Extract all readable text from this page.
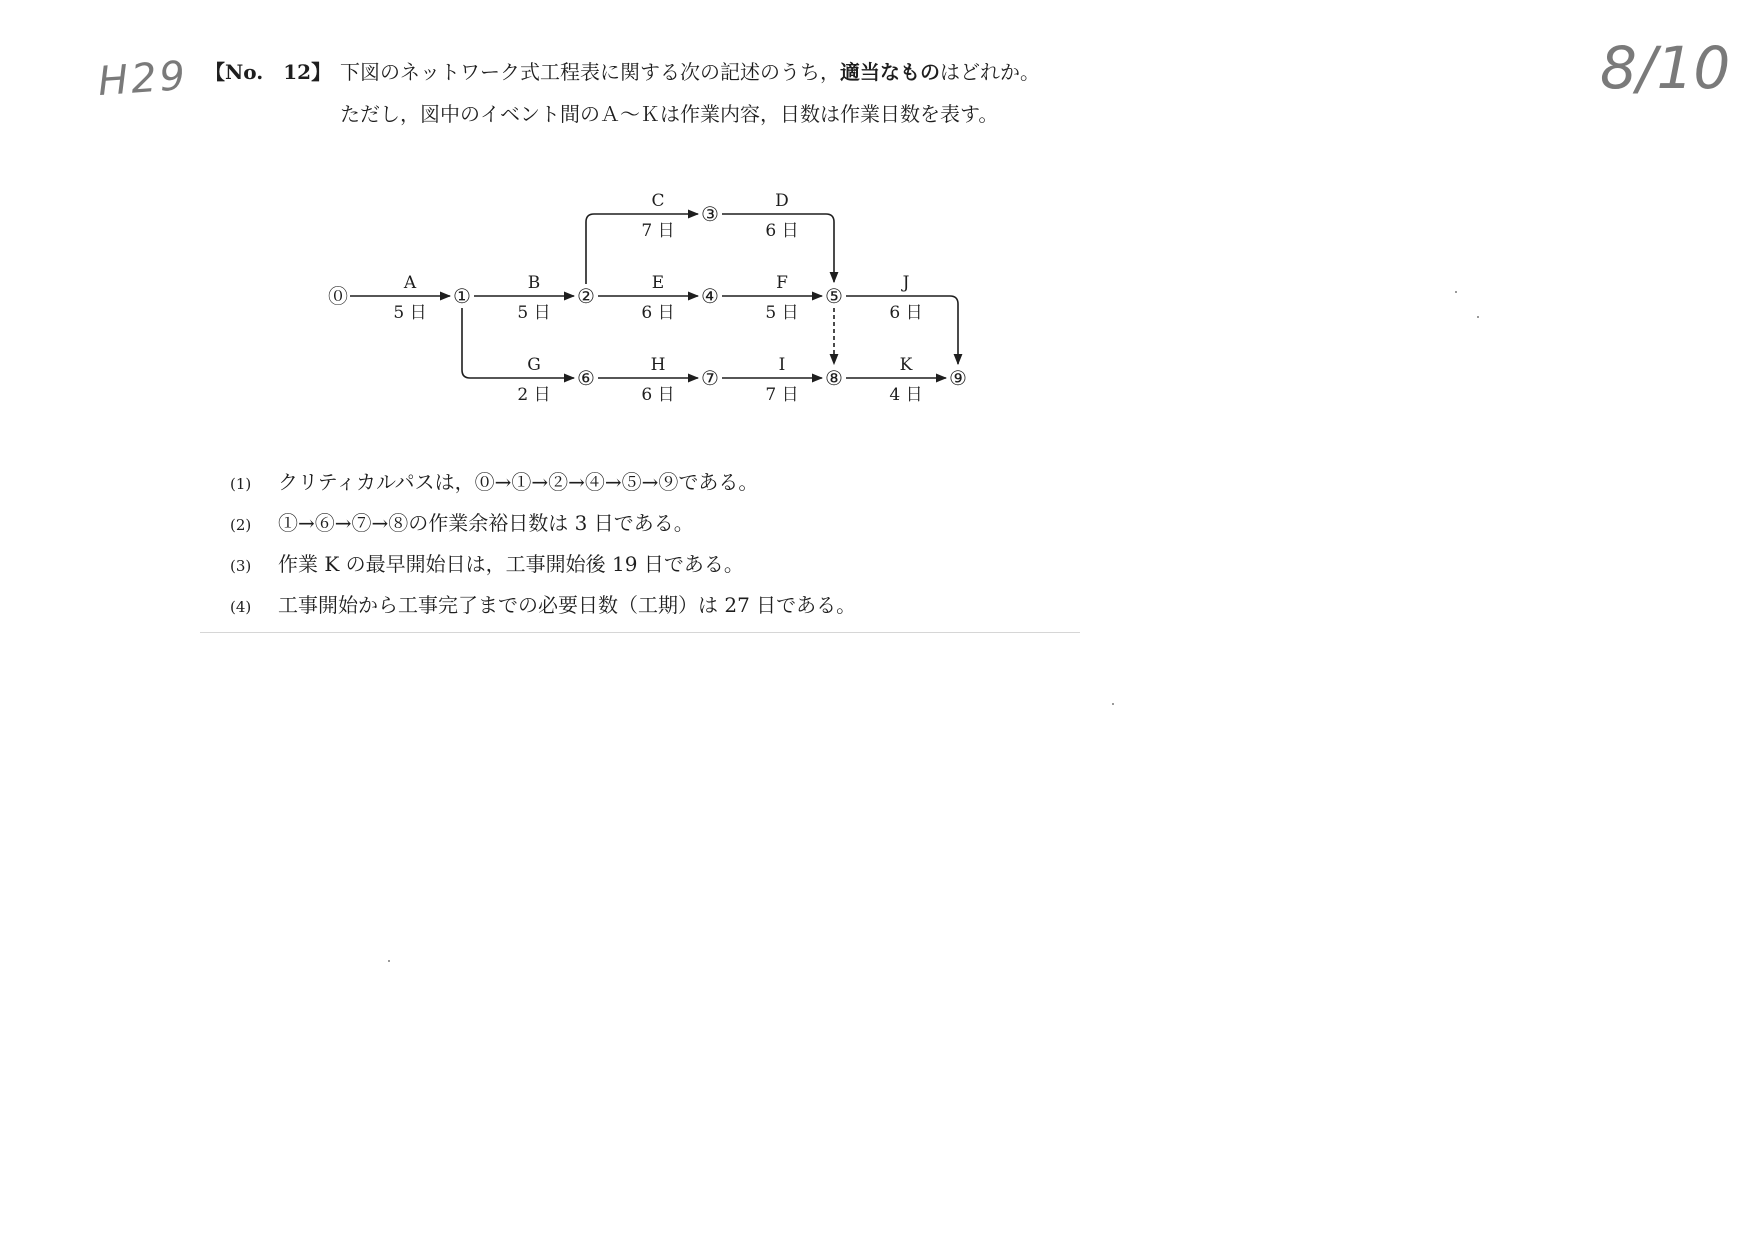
H29	8/10
【No.　12】 下図のネットワーク式工程表に関する次の記述のうち，適当なものはどれか。
ただし，図中のイベント間のＡ～Ｋは作業内容，日数は作業日数を表す。
A
5 日
B
5 日
C
7 日
D
6 日
E
6 日
F
5 日
G
2 日
H
6 日
I
7 日
J
6 日
K
4 日
⓪	①	②
③
④	⑤
⑥	⑦	⑧	⑨
(1) クリティカルパスは，⓪→①→②→④→⑤→⑨である。
(2) ①→⑥→⑦→⑧の作業余裕日数は 3 日である。
(3) 作業 K の最早開始日は，工事開始後 19 日である。
(4) 工事開始から工事完了までの必要日数（工期）は 27 日である。
